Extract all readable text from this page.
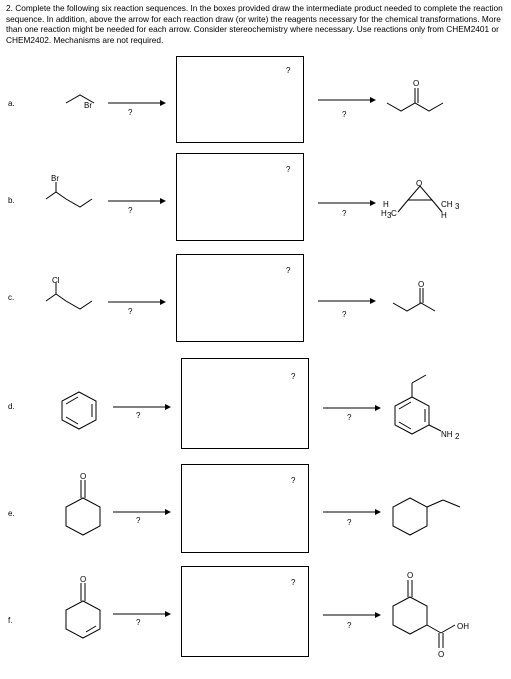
2. Complete the following six reaction sequences. In the boxes provided draw the intermediate product needed to complete the reaction sequence. In addition, above the arrow for each reaction draw (or write) the reagents necessary for the chemical transformations. More than one reaction might be needed for each arrow. Consider stereochemistry where necessary. Use reactions only from CHEM2401 or CHEM2402. Mechanisms are not required.

a.
b.
c.
d.
e.
f.
?
?
?
?
?
?
?
?
?
?
?
?
?
?
?
?
?
?
Br
O
Br
O
H	CH 3
H 3 C	H
Cl	O
NH 2
O
O	O
OH
O
